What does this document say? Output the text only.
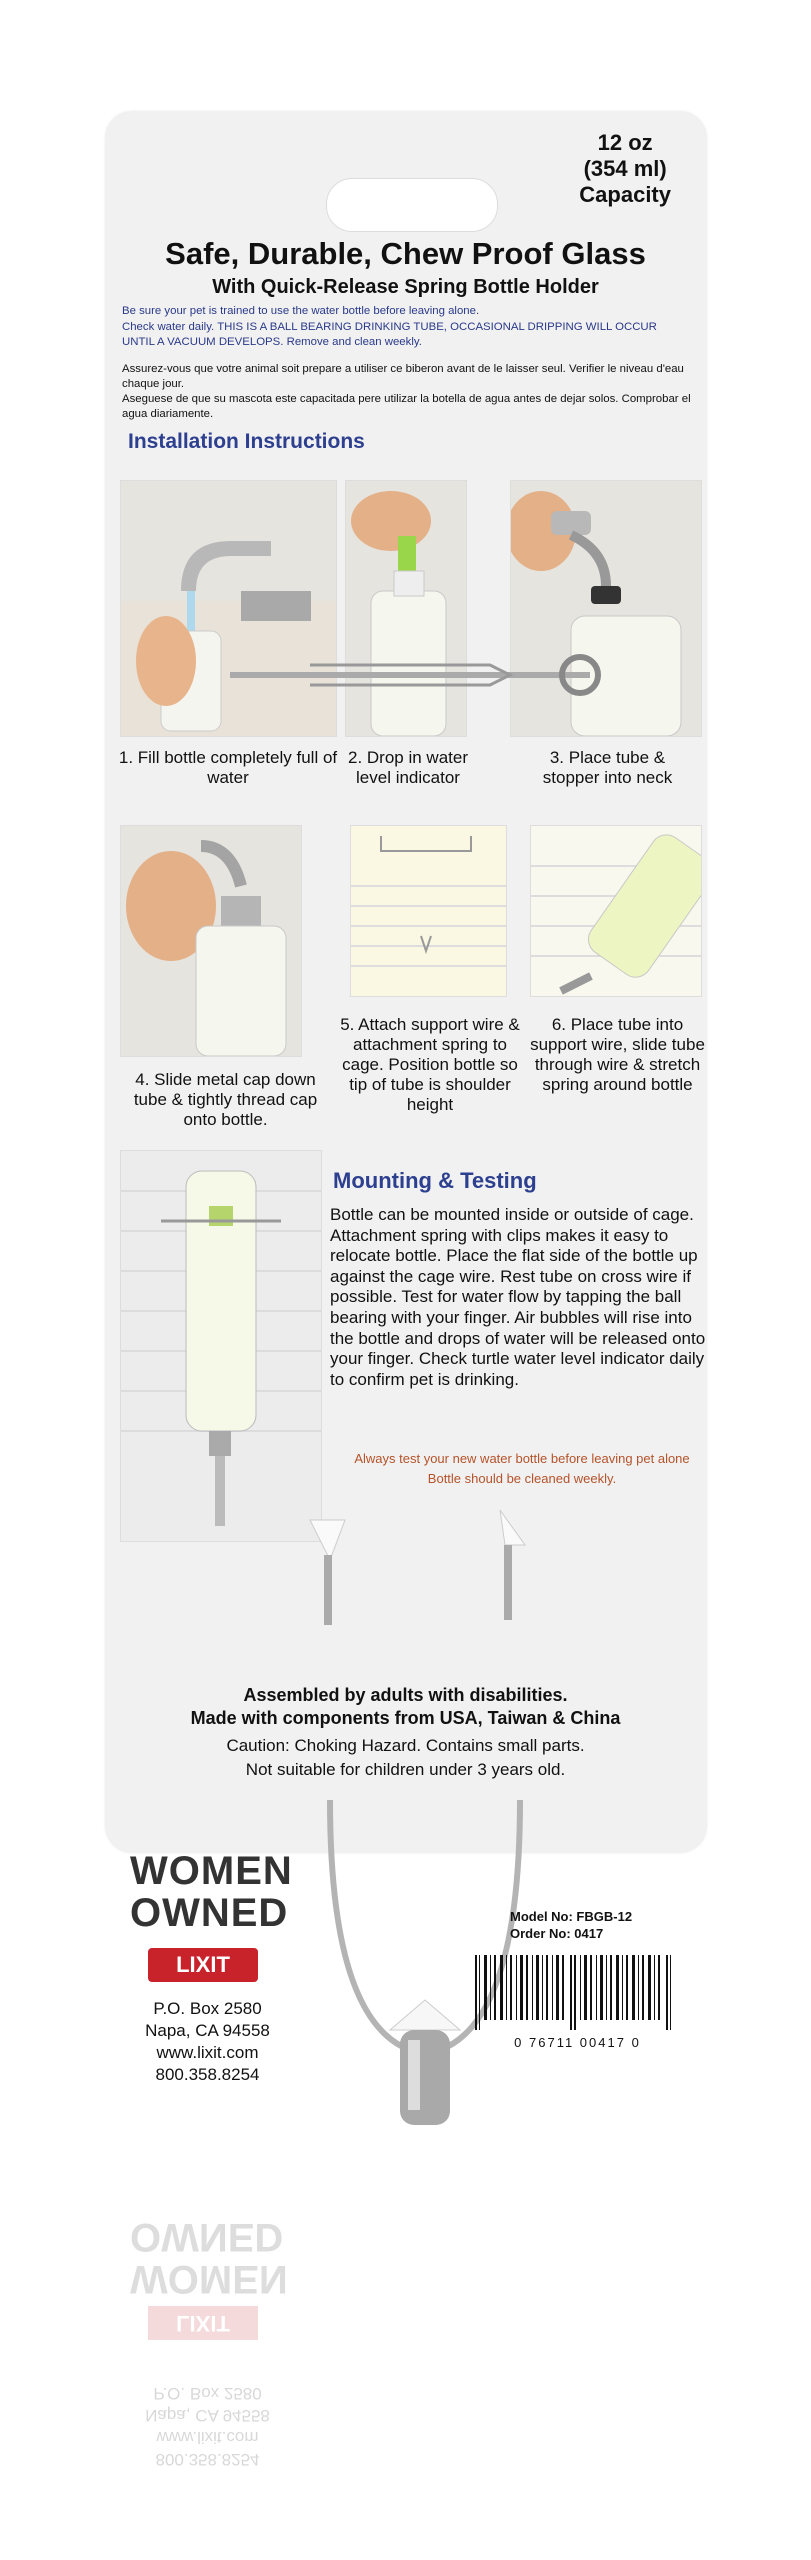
12 oz
(354 ml)
Capacity
Safe, Durable, Chew Proof Glass
With Quick-Release Spring Bottle Holder
Be sure your pet is trained to use the water bottle before leaving alone.
Check water daily. THIS IS A BALL BEARING DRINKING TUBE, OCCASIONAL DRIPPING WILL OCCUR UNTIL A VACUUM DEVELOPS. Remove and clean weekly.
Assurez-vous que votre animal soit prepare a utiliser ce biberon avant de le laisser seul. Verifier le niveau d'eau chaque jour.
Aseguese de que su mascota este capacitada pere utilizar la botella de agua antes de dejar solos. Comprobar el agua diariamente.
Installation Instructions
1. Fill bottle completely full of water
2. Drop in water level indicator
3. Place tube & stopper into neck
4. Slide metal cap down tube & tightly thread cap onto bottle.
5. Attach support wire & attachment spring to cage. Position bottle so tip of tube is shoulder height
6. Place tube into support wire, slide tube through wire & stretch spring around bottle
Mounting & Testing
Bottle can be mounted inside or outside of cage. Attachment spring with clips makes it easy to relocate bottle. Place the flat side of the bottle up against the cage wire. Rest tube on cross wire if possible. Test for water flow by tapping the ball bearing with your finger. Air bubbles will rise into the bottle and drops of water will be released onto your finger. Check turtle water level indicator daily to confirm pet is drinking.
Always test your new water bottle before leaving pet alone
Bottle should be cleaned weekly.
Assembled by adults with disabilities.
Made with components from USA, Taiwan & China
Caution: Choking Hazard. Contains small parts.
Not suitable for children under 3 years old.
WOMEN
OWNED
LIXIT
P.O. Box 2580
Napa, CA 94558
www.lixit.com
800.358.8254
Model No: FBGB-12
Order No: 0417
0 76711 00417 0
WOMEN
OWNED
LIXIT
800.358.8254
www.lixit.com
Napa, CA 94558
P.O. Box 2580
